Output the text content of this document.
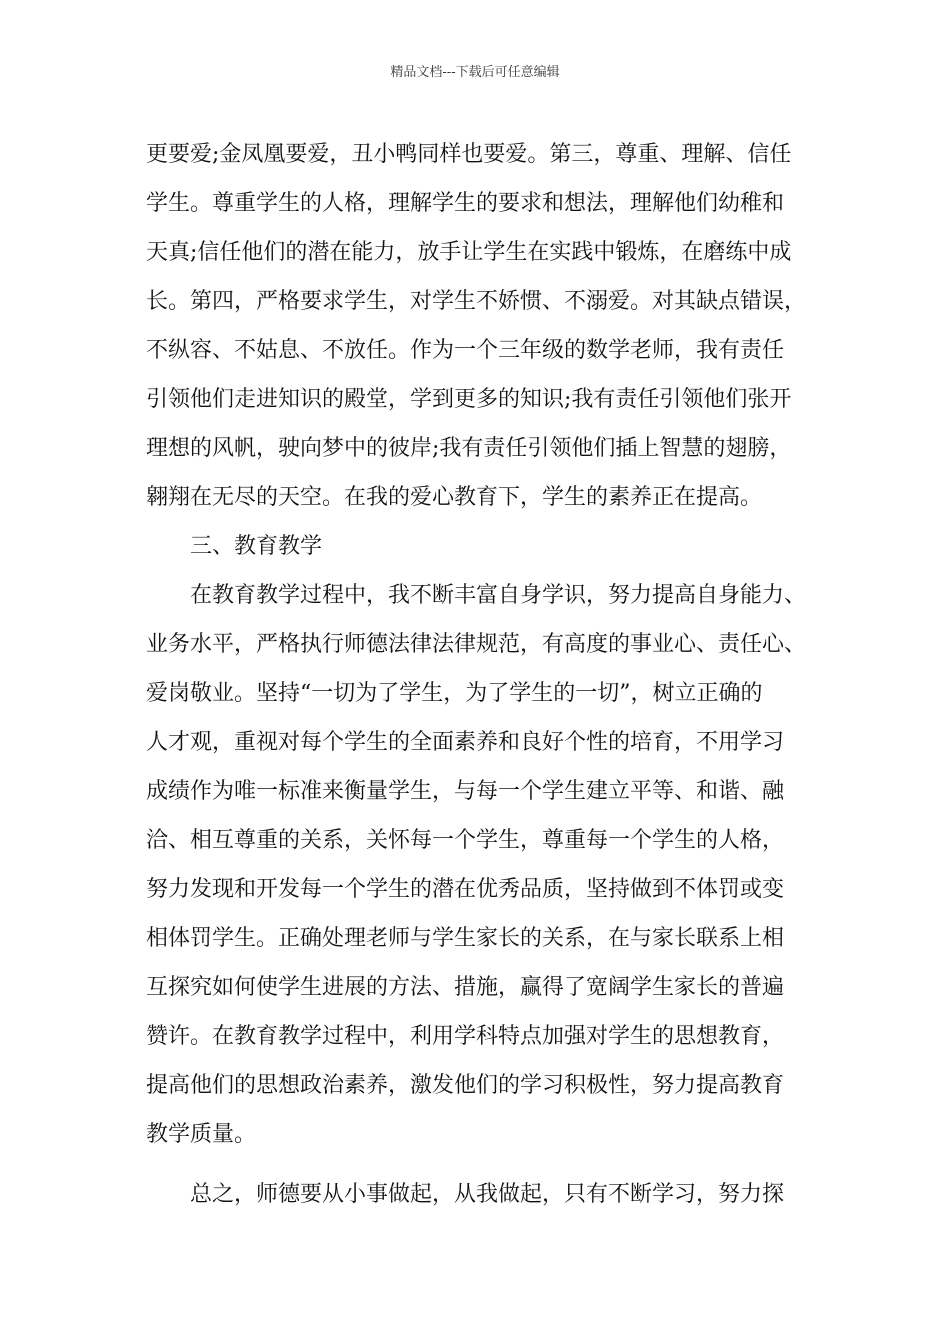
精品文档---下载后可任意编辑
更要爱;金凤凰要爱，丑小鸭同样也要爱。第三，尊重、理解、信任
学生。尊重学生的人格，理解学生的要求和想法，理解他们幼稚和
天真;信任他们的潜在能力，放手让学生在实践中锻炼，在磨练中成
长。第四，严格要求学生，对学生不娇惯、不溺爱。对其缺点错误，
不纵容、不姑息、不放任。作为一个三年级的数学老师，我有责任
引领他们走进知识的殿堂，学到更多的知识;我有责任引领他们张开
理想的风帆，驶向梦中的彼岸;我有责任引领他们插上智慧的翅膀，
翱翔在无尽的天空。在我的爱心教育下，学生的素养正在提高。
三、教育教学
在教育教学过程中，我不断丰富自身学识，努力提高自身能力、
业务水平，严格执行师德法律法律规范，有高度的事业心、责任心、
爱岗敬业。坚持“一切为了学生，为了学生的一切”，树立正确的
人才观，重视对每个学生的全面素养和良好个性的培育，不用学习
成绩作为唯一标准来衡量学生，与每一个学生建立平等、和谐、融
洽、相互尊重的关系，关怀每一个学生，尊重每一个学生的人格，
努力发现和开发每一个学生的潜在优秀品质，坚持做到不体罚或变
相体罚学生。正确处理老师与学生家长的关系，在与家长联系上相
互探究如何使学生进展的方法、措施，赢得了宽阔学生家长的普遍
赞许。在教育教学过程中，利用学科特点加强对学生的思想教育，
提高他们的思想政治素养，激发他们的学习积极性，努力提高教育
教学质量。
总之，师德要从小事做起，从我做起，只有不断学习，努力探
